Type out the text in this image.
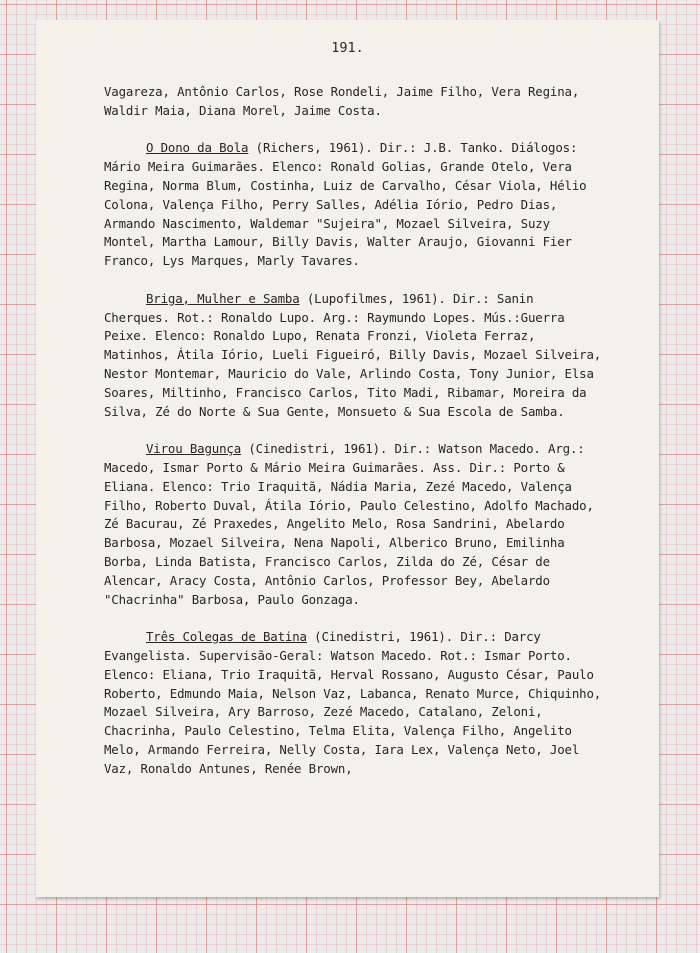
191.

Vagareza, Antônio Carlos, Rose Rondeli, Jaime Filho, Vera Regina, Waldir Maia, Diana Morel, Jaime Costa.

O Dono da Bola (Richers, 1961). Dir.: J.B. Tanko. Diálogos: Mário Meira Guimarães. Elenco: Ronald Golias, Grande Otelo, Vera Regina, Norma Blum, Costinha, Luiz de Carvalho, César Viola, Hélio Colona, Valença Filho, Perry Salles, Adélia Iório, Pedro Dias, Armando Nascimento, Waldemar "Sujeira", Mozael Silveira, Suzy Montel, Martha Lamour, Billy Davis, Walter Araujo, Giovanni Fier Franco, Lys Marques, Marly Tavares.

Briga, Mulher e Samba (Lupofilmes, 1961). Dir.: Sanin Cherques. Rot.: Ronaldo Lupo. Arg.: Raymundo Lopes. Mús.:Guerra Peixe. Elenco: Ronaldo Lupo, Renata Fronzi, Violeta Ferraz, Matinhos, Átila Iório, Lueli Figueiró, Billy Davis, Mozael Silveira, Nestor Montemar, Mauricio do Vale, Arlindo Costa, Tony Junior, Elsa Soares, Miltinho, Francisco Carlos, Tito Madi, Ribamar, Moreira da Silva, Zé do Norte & Sua Gente, Monsueto & Sua Escola de Samba.

Virou Bagunça (Cinedistri, 1961). Dir.: Watson Macedo. Arg.: Macedo, Ismar Porto & Mário Meira Guimarães. Ass. Dir.: Porto & Eliana. Elenco: Trio Iraquitã, Nádia Maria, Zezé Macedo, Valença Filho, Roberto Duval, Átila Iório, Paulo Celestino, Adolfo Machado, Zé Bacurau, Zé Praxedes, Angelito Melo, Rosa Sandrini, Abelardo Barbosa, Mozael Silveira, Nena Napoli, Alberico Bruno, Emilinha Borba, Linda Batista, Francisco Carlos, Zilda do Zé, César de Alencar, Aracy Costa, Antônio Carlos, Professor Bey, Abelardo "Chacrinha" Barbosa, Paulo Gonzaga.

Três Colegas de Batina (Cinedistri, 1961). Dir.: Darcy Evangelista. Supervisão-Geral: Watson Macedo. Rot.: Ismar Porto. Elenco: Eliana, Trio Iraquitã, Herval Rossano, Augusto César, Paulo Roberto, Edmundo Maia, Nelson Vaz, Labanca, Renato Murce, Chiquinho, Mozael Silveira, Ary Barroso, Zezé Macedo, Catalano, Zeloni, Chacrinha, Paulo Celestino, Telma Elita, Valença Filho, Angelito Melo, Armando Ferreira, Nelly Costa, Iara Lex, Valença Neto, Joel Vaz, Ronaldo Antunes, Renée Brown,
